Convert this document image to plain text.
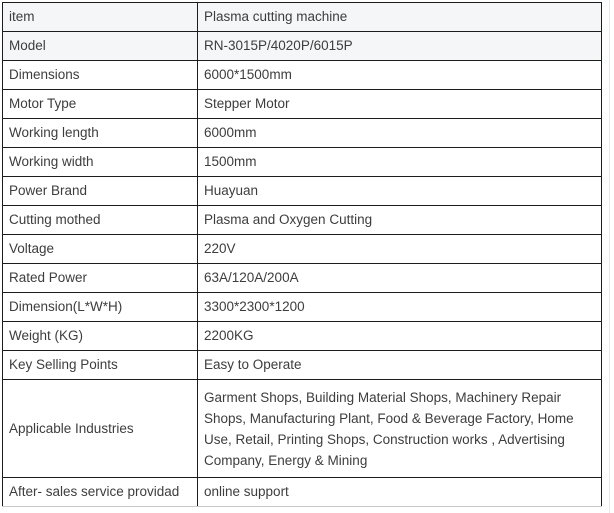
item	Plasma cutting machine
Model	RN-3015P/4020P/6015P
Dimensions	6000*1500mm
Motor Type	Stepper Motor
Working length	6000mm
Working width	1500mm
Power Brand	Huayuan
Cutting mothed	Plasma and Oxygen Cutting
Voltage	220V
Rated Power	63A/120A/200A
Dimension(L*W*H)	3300*2300*1200
Weight (KG)	2200KG
Key Selling Points	Easy to Operate
Applicable Industries	Garment Shops, Building Material Shops, Machinery Repair Shops, Manufacturing Plant, Food & Beverage Factory, Home Use, Retail, Printing Shops, Construction works , Advertising Company, Energy & Mining
After- sales service providad	online support
